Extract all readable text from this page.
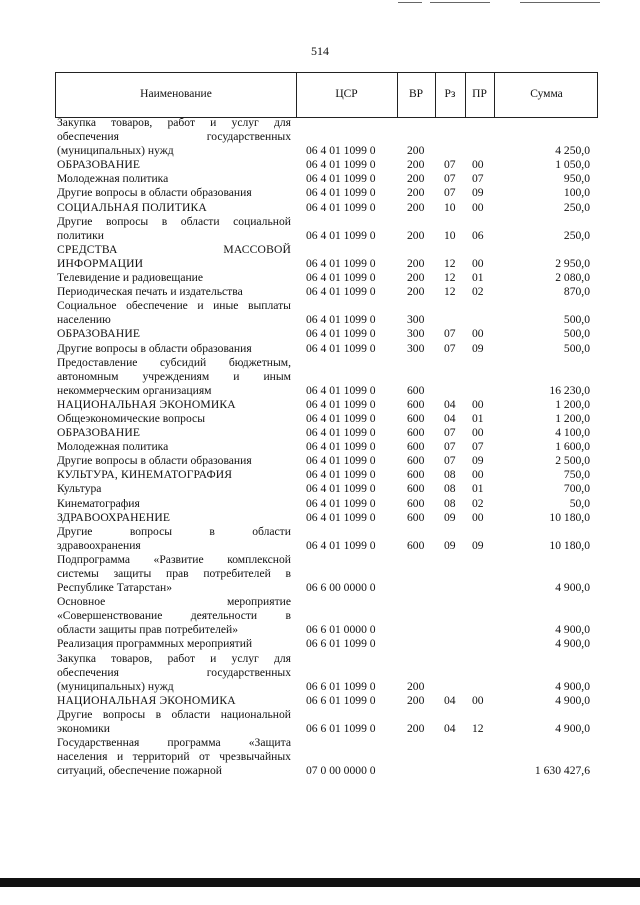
514
Наименование	ЦСР	ВР	Рз	ПР	Сумма
Закупка товаров, работ и услуг для
обеспечения	государственных
(муниципальных) нужд	06 4 01 1099 0	200	4 250,0
ОБРАЗОВАНИЕ	06 4 01 1099 0	200 07 00	1 050,0
Молодежная политика	06 4 01 1099 0	200 07 07	950,0
Другие вопросы в области образования	06 4 01 1099 0	200 07 09	100,0
СОЦИАЛЬНАЯ ПОЛИТИКА	06 4 01 1099 0	200 10 00	250,0
Другие вопросы в области социальной
политики	06 4 01 1099 0	200 10 06	250,0
СРЕДСТВА	МАССОВОЙ
ИНФОРМАЦИИ	06 4 01 1099 0	200 12 00	2 950,0
Телевидение и радиовещание	06 4 01 1099 0	200 12 01	2 080,0
Периодическая печать и издательства	06 4 01 1099 0	200 12 02	870,0
Социальное обеспечение и иные выплаты
населению	06 4 01 1099 0	300	500,0
ОБРАЗОВАНИЕ	06 4 01 1099 0	300 07 00	500,0
Другие вопросы в области образования	06 4 01 1099 0	300 07 09	500,0
Предоставление субсидий бюджетным,
автономным учреждениям и иным
некоммерческим организациям	06 4 01 1099 0	600	16 230,0
НАЦИОНАЛЬНАЯ ЭКОНОМИКА	06 4 01 1099 0	600 04 00	1 200,0
Общеэкономические вопросы	06 4 01 1099 0	600 04 01	1 200,0
ОБРАЗОВАНИЕ	06 4 01 1099 0	600 07 00	4 100,0
Молодежная политика	06 4 01 1099 0	600 07 07	1 600,0
Другие вопросы в области образования	06 4 01 1099 0	600 07 09	2 500,0
КУЛЬТУРА, КИНЕМАТОГРАФИЯ	06 4 01 1099 0	600 08 00	750,0
Культура	06 4 01 1099 0	600 08 01	700,0
Кинематография	06 4 01 1099 0	600 08 02	50,0
ЗДРАВООХРАНЕНИЕ	06 4 01 1099 0	600 09 00	10 180,0
Другие	вопросы	в	области
здравоохранения	06 4 01 1099 0	600 09 09	10 180,0
Подпрограмма «Развитие комплексной
системы защиты прав потребителей в
Республике Татарстан»	06 6 00 0000 0	4 900,0
Основное	мероприятие
«Совершенствование деятельности в
области защиты прав потребителей»	06 6 01 0000 0	4 900,0
Реализация программных мероприятий	06 6 01 1099 0	4 900,0
Закупка товаров, работ и услуг для
обеспечения	государственных
(муниципальных) нужд	06 6 01 1099 0	200	4 900,0
НАЦИОНАЛЬНАЯ ЭКОНОМИКА	06 6 01 1099 0	200 04 00	4 900,0
Другие вопросы в области национальной
экономики	06 6 01 1099 0	200 04 12	4 900,0
Государственная программа «Защита
населения и территорий от чрезвычайных
ситуаций, обеспечение пожарной	07 0 00 0000 0	1 630 427,6
